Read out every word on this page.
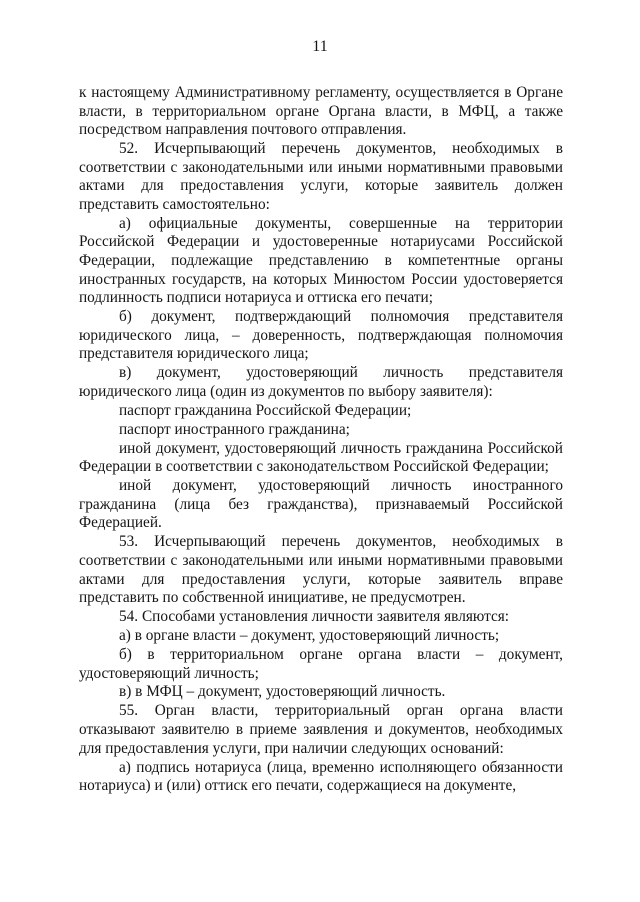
11

к настоящему Административному регламенту, осуществляется в Органе власти, в территориальном органе Органа власти, в МФЦ, а также посредством направления почтового отправления.

52. Исчерпывающий перечень документов, необходимых в соответствии с законодательными или иными нормативными правовыми актами для предоставления услуги, которые заявитель должен представить самостоятельно:

а) официальные документы, совершенные на территории Российской Федерации и удостоверенные нотариусами Российской Федерации, подлежащие представлению в компетентные органы иностранных государств, на которых Минюстом России удостоверяется подлинность подписи нотариуса и оттиска его печати;

б) документ, подтверждающий полномочия представителя юридического лица, – доверенность, подтверждающая полномочия представителя юридического лица;

в) документ, удостоверяющий личность представителя юридического лица (один из документов по выбору заявителя):

паспорт гражданина Российской Федерации;

паспорт иностранного гражданина;

иной документ, удостоверяющий личность гражданина Российской Федерации в соответствии с законодательством Российской Федерации;

иной документ, удостоверяющий личность иностранного гражданина (лица без гражданства), признаваемый Российской Федерацией.

53. Исчерпывающий перечень документов, необходимых в соответствии с законодательными или иными нормативными правовыми актами для предоставления услуги, которые заявитель вправе представить по собственной инициативе, не предусмотрен.

54. Способами установления личности заявителя являются:

а) в органе власти – документ, удостоверяющий личность;

б) в территориальном органе органа власти – документ, удостоверяющий личность;

в) в МФЦ – документ, удостоверяющий личность.

55. Орган власти, территориальный орган органа власти отказывают заявителю в приеме заявления и документов, необходимых для предоставления услуги, при наличии следующих оснований:

а) подпись нотариуса (лица, временно исполняющего обязанности нотариуса) и (или) оттиск его печати, содержащиеся на документе,
